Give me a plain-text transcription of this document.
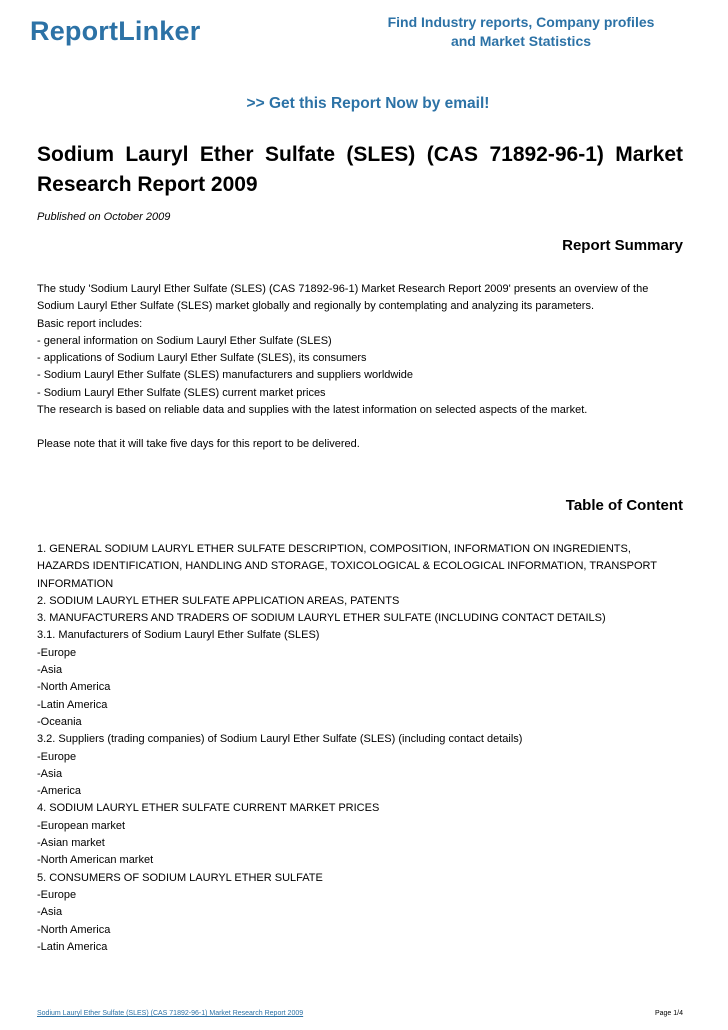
ReportLinker	Find Industry reports, Company profiles
and Market Statistics
>> Get this Report Now by email!
Sodium Lauryl Ether Sulfate (SLES) (CAS 71892-96-1) Market Research Report 2009
Published on October 2009
Report Summary
The study 'Sodium Lauryl Ether Sulfate (SLES) (CAS 71892-96-1) Market Research Report 2009' presents an overview of the
Sodium Lauryl Ether Sulfate (SLES) market globally and regionally by contemplating and analyzing its parameters.
Basic report includes:
- general information on Sodium Lauryl Ether Sulfate (SLES)
- applications of Sodium Lauryl Ether Sulfate (SLES), its consumers
- Sodium Lauryl Ether Sulfate (SLES) manufacturers and suppliers worldwide
- Sodium Lauryl Ether Sulfate (SLES) current market prices
The research is based on reliable data and supplies with the latest information on selected aspects of the market.
Please note that it will take five days for this report to be delivered.
Table of Content
1. GENERAL SODIUM LAURYL ETHER SULFATE DESCRIPTION, COMPOSITION, INFORMATION ON INGREDIENTS,
HAZARDS IDENTIFICATION, HANDLING AND STORAGE, TOXICOLOGICAL & ECOLOGICAL INFORMATION, TRANSPORT
INFORMATION
2. SODIUM LAURYL ETHER SULFATE APPLICATION AREAS, PATENTS
3. MANUFACTURERS AND TRADERS OF SODIUM LAURYL ETHER SULFATE (INCLUDING CONTACT DETAILS)
3.1. Manufacturers of Sodium Lauryl Ether Sulfate (SLES)
-Europe
-Asia
-North America
-Latin America
-Oceania
3.2. Suppliers (trading companies) of Sodium Lauryl Ether Sulfate (SLES) (including contact details)
-Europe
-Asia
-America
4. SODIUM LAURYL ETHER SULFATE CURRENT MARKET PRICES
-European market
-Asian market
-North American market
5. CONSUMERS OF SODIUM LAURYL ETHER SULFATE
-Europe
-Asia
-North America
-Latin America
Sodium Lauryl Ether Sulfate (SLES) (CAS 71892-96-1) Market Research Report 2009	Page 1/4
